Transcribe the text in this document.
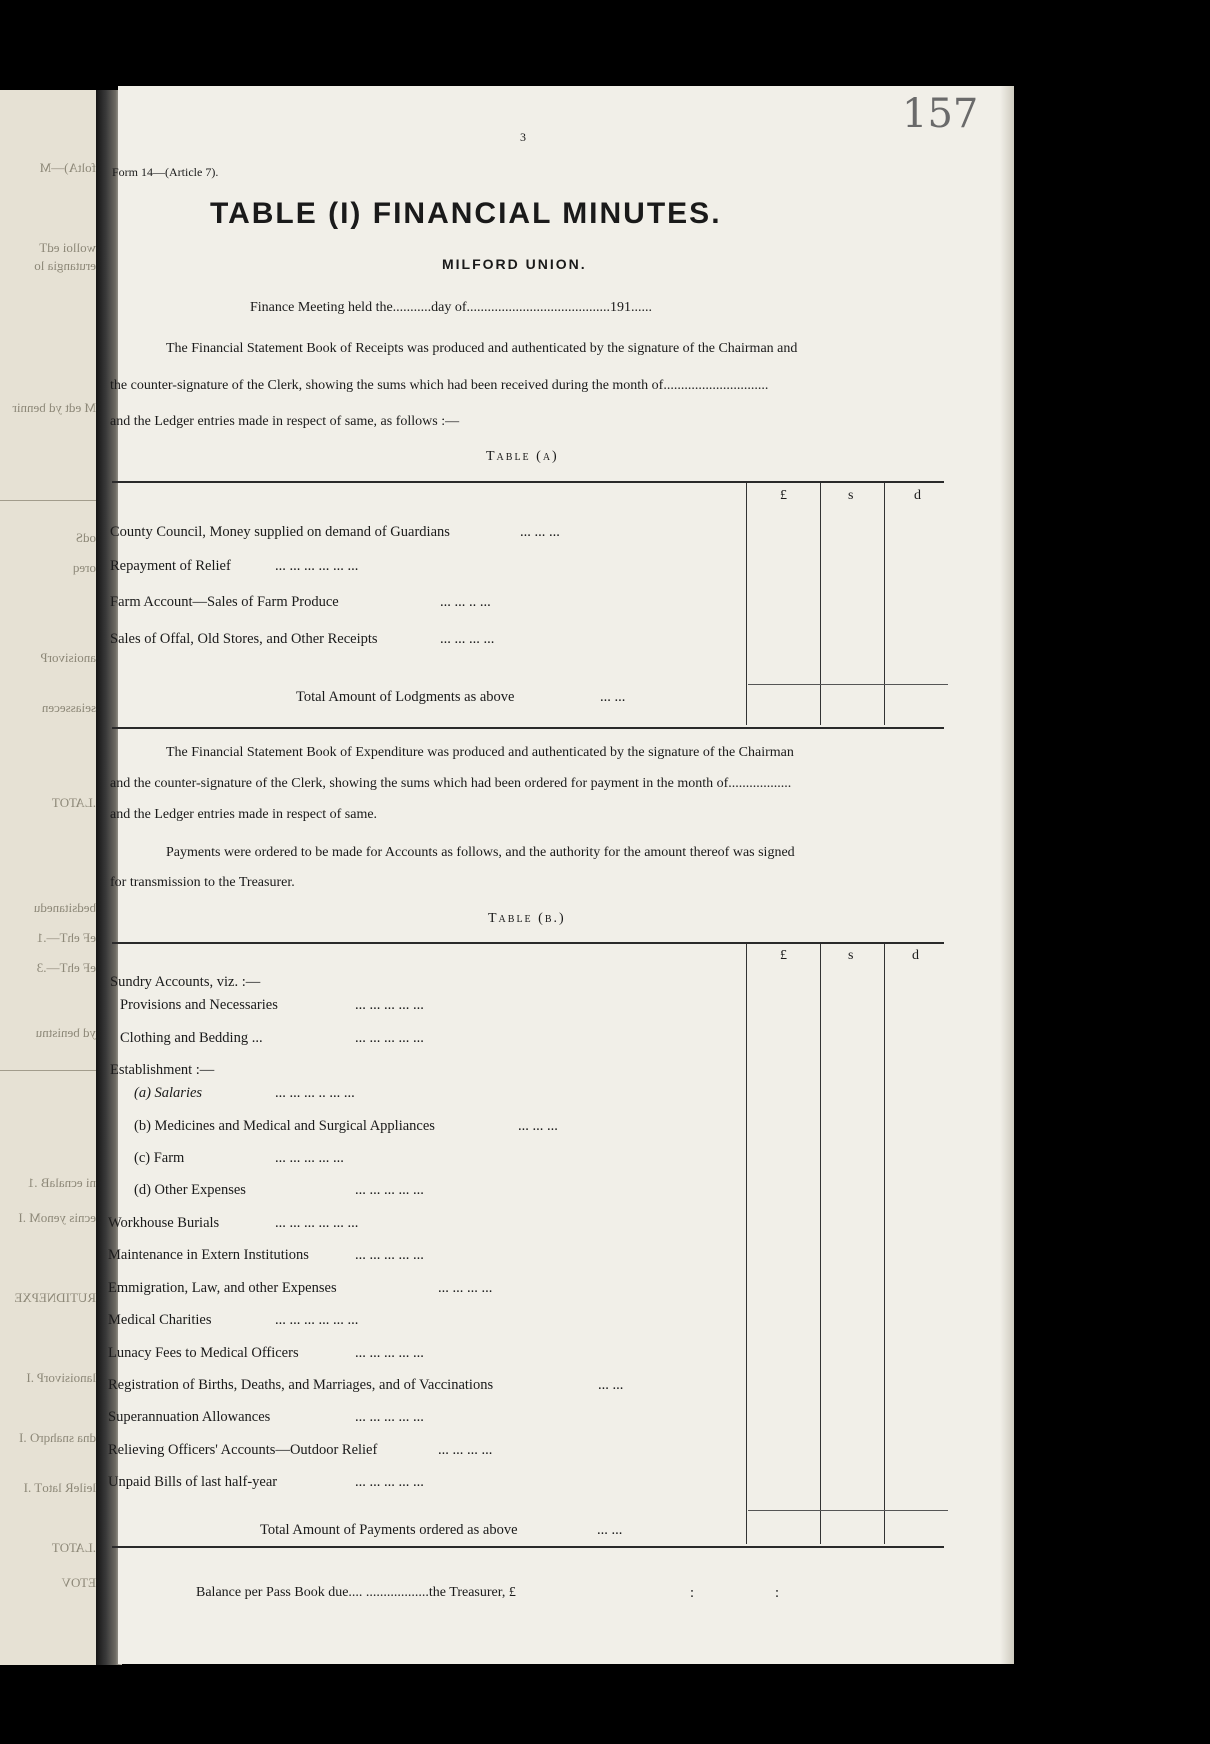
foltA)—M
wolloi edT
erutangia lo
M edt yd bennir
odS
oreq
anoisivorP
seiassecen
.LATOT
bedsitanedu
eF ehT—.1
eF ehT—.3
yd benistnu
ni ecnalaB .1
ecnis yenoM .I
RUTIDNEPXE
lanoisivorP .I
dna snahqrO .I
leileR latoT .I
.LATOT
ETOV
3	157
Form 14—(Article 7).
TABLE (I) FINANCIAL MINUTES.
MILFORD UNION.
Finance Meeting held the...........day of.........................................191......
The Financial Statement Book of Receipts was produced and authenticated by the signature of the Chairman and
the counter-signature of the Clerk, showing the sums which had been received during the month of..............................
and the Ledger entries made in respect of same, as follows :—
Table (a)
£	s	d
County Council, Money supplied on demand of Guardians	... ... ...
Repayment of Relief	... ... ... ... ... ...
Farm Account—Sales of Farm Produce	... ... .. ...
Sales of Offal, Old Stores, and Other Receipts	... ... ... ...
Total Amount of Lodgments as above	... ...
The Financial Statement Book of Expenditure was produced and authenticated by the signature of the Chairman
and the counter-signature of the Clerk, showing the sums which had been ordered for payment in the month of..................
and the Ledger entries made in respect of same.
Payments were ordered to be made for Accounts as follows, and the authority for the amount thereof was signed
for transmission to the Treasurer.
Table (b.)
£	s	d
Sundry Accounts, viz. :—
Provisions and Necessaries	... ... ... ... ...
Clothing and Bedding ...	... ... ... ... ...
Establishment :—
(a) Salaries	... ... ... .. ... ...
(b) Medicines and Medical and Surgical Appliances	... ... ...
(c) Farm	... ... ... ... ...
(d) Other Expenses	... ... ... ... ...
Workhouse Burials	... ... ... ... ... ...
Maintenance in Extern Institutions	... ... ... ... ...
Emmigration, Law, and other Expenses	... ... ... ...
Medical Charities	... ... ... ... ... ...
Lunacy Fees to Medical Officers	... ... ... ... ...
Registration of Births, Deaths, and Marriages, and of Vaccinations	... ...
Superannuation Allowances	... ... ... ... ...
Relieving Officers' Accounts—Outdoor Relief	... ... ... ...
Unpaid Bills of last half-year	... ... ... ... ...
Total Amount of Payments ordered as above	... ...
Balance per Pass Book due.... ..................the Treasurer, £	:	:
